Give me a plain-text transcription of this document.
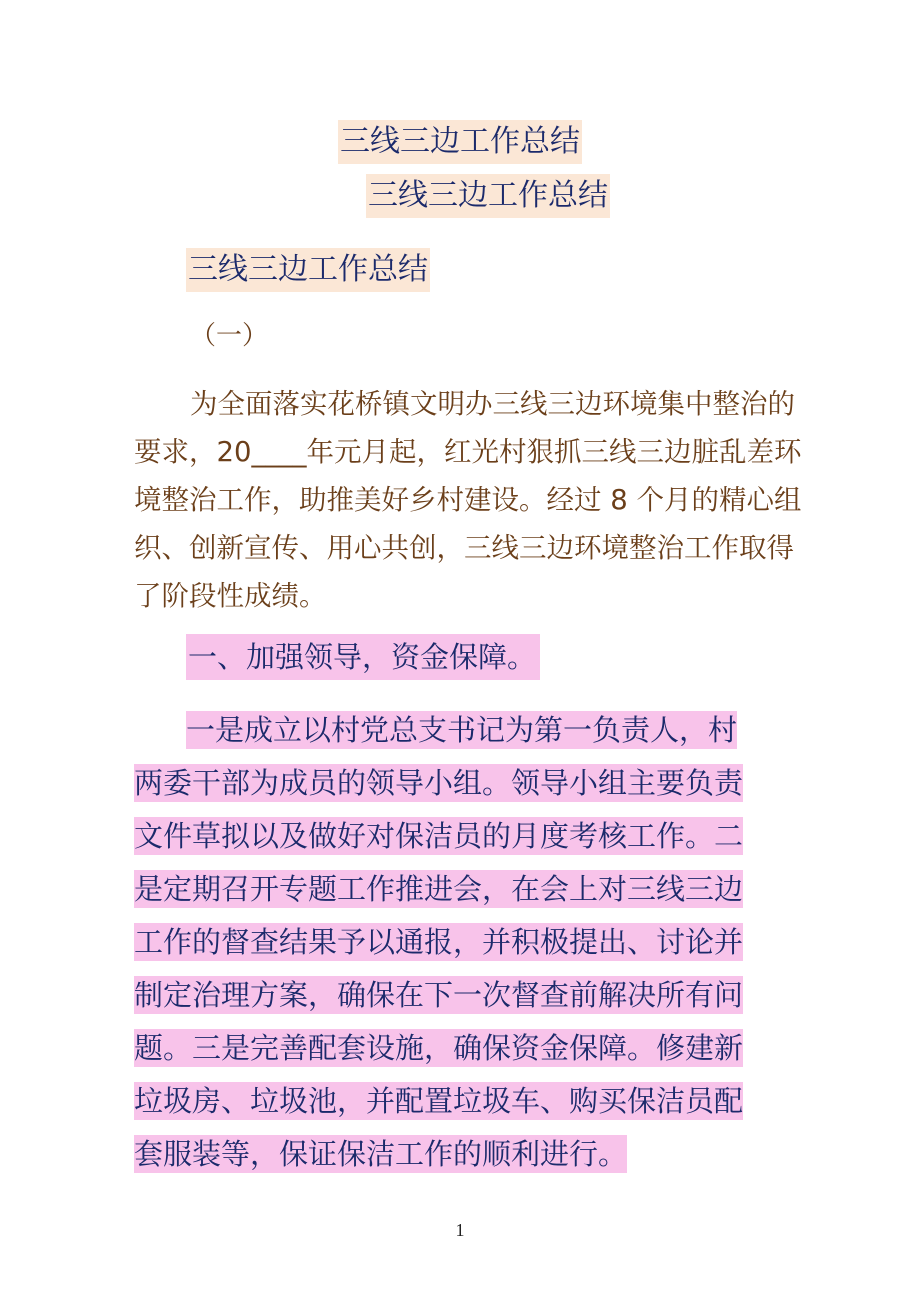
三线三边工作总结
三线三边工作总结
三线三边工作总结
（一）
为全面落实花桥镇文明办三线三边环境集中整治的
要求，20____年元月起，红光村狠抓三线三边脏乱差环
境整治工作，助推美好乡村建设。经过 8 个月的精心组
织、创新宣传、用心共创，三线三边环境整治工作取得
了阶段性成绩。
一、加强领导，资金保障。
一是成立以村党总支书记为第一负责人，村
两委干部为成员的领导小组。领导小组主要负责
文件草拟以及做好对保洁员的月度考核工作。二
是定期召开专题工作推进会，在会上对三线三边
工作的督查结果予以通报，并积极提出、讨论并
制定治理方案，确保在下一次督查前解决所有问
题。三是完善配套设施，确保资金保障。修建新
垃圾房、垃圾池，并配置垃圾车、购买保洁员配
套服装等，保证保洁工作的顺利进行。
1
